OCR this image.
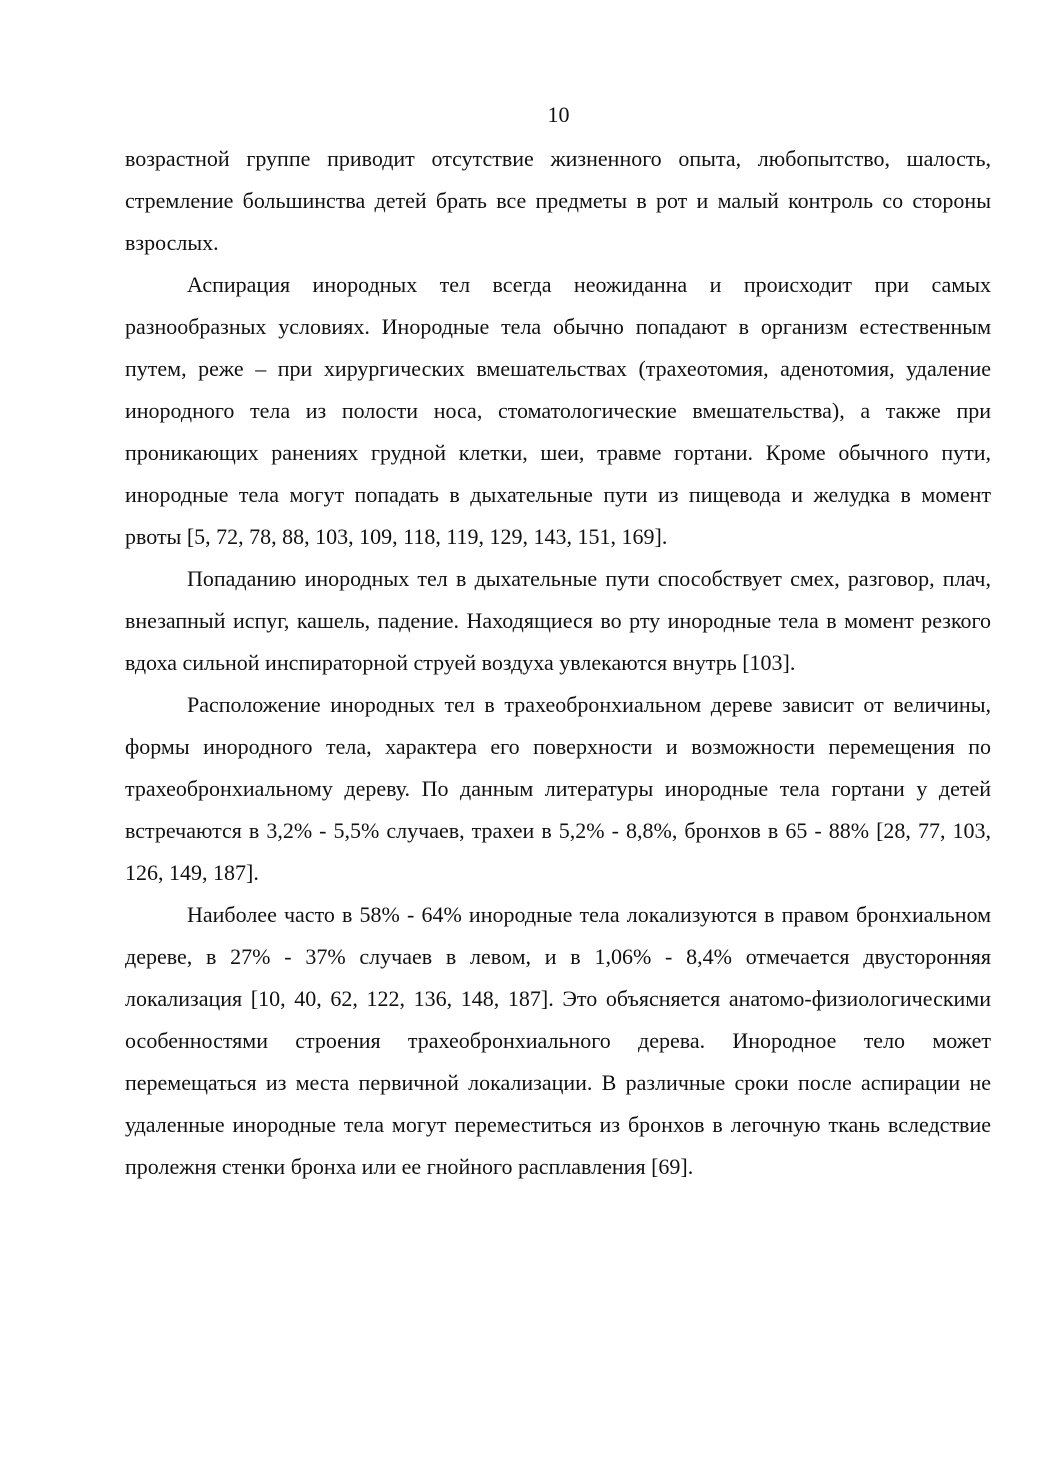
10

возрастной группе приводит отсутствие жизненного опыта, любопытство, шалость, стремление большинства детей брать все предметы в рот и малый контроль со стороны взрослых.

Аспирация инородных тел всегда неожиданна и происходит при самых разнообразных условиях. Инородные тела обычно попадают в организм естественным путем, реже – при хирургических вмешательствах (трахеотомия, аденотомия, удаление инородного тела из полости носа, стоматологические вмешательства), а также при проникающих ранениях грудной клетки, шеи, травме гортани. Кроме обычного пути, инородные тела могут попадать в дыхательные пути из пищевода и желудка в момент рвоты [5, 72, 78, 88, 103, 109, 118, 119, 129, 143, 151, 169].

Попаданию инородных тел в дыхательные пути способствует смех, разговор, плач, внезапный испуг, кашель, падение. Находящиеся во рту инородные тела в момент резкого вдоха сильной инспираторной струей воздуха увлекаются внутрь [103].

Расположение инородных тел в трахеобронхиальном дереве зависит от величины, формы инородного тела, характера его поверхности и возможности перемещения по трахеобронхиальному дереву. По данным литературы инородные тела гортани у детей встречаются в 3,2% - 5,5% случаев, трахеи в 5,2% - 8,8%, бронхов в 65 - 88% [28, 77, 103, 126, 149, 187].

Наиболее часто в 58% - 64% инородные тела локализуются в правом бронхиальном дереве, в 27% - 37% случаев в левом, и в 1,06% - 8,4% отмечается двусторонняя локализация [10, 40, 62, 122, 136, 148, 187]. Это объясняется анатомо-физиологическими особенностями строения трахеобронхиального дерева. Инородное тело может перемещаться из места первичной локализации. В различные сроки после аспирации не удаленные инородные тела могут переместиться из бронхов в легочную ткань вследствие пролежня стенки бронха или ее гнойного расплавления [69].
